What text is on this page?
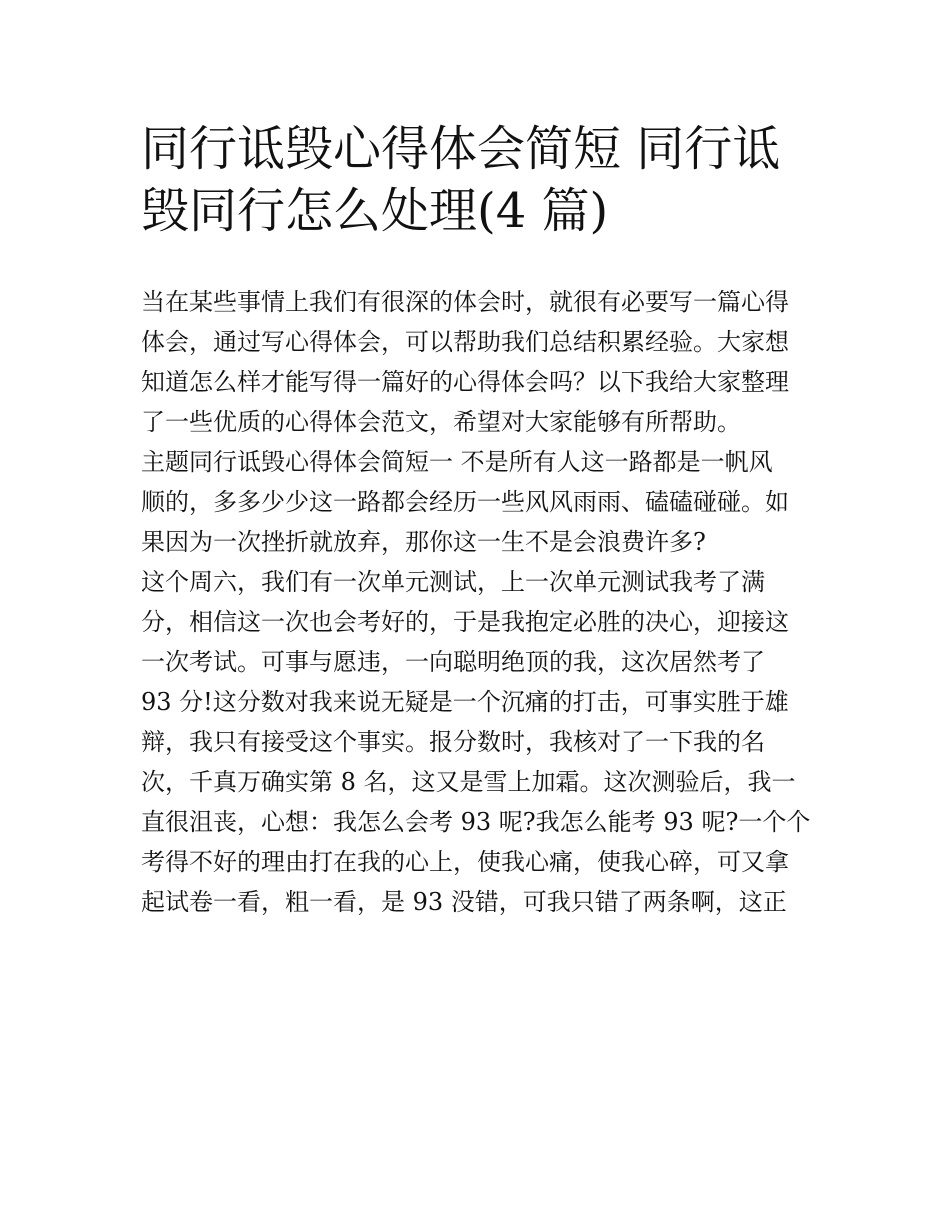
同行诋毁心得体会简短 同行诋
毁同行怎么处理(4 篇)
当在某些事情上我们有很深的体会时，就很有必要写一篇心得
体会，通过写心得体会，可以帮助我们总结积累经验。大家想
知道怎么样才能写得一篇好的心得体会吗？以下我给大家整理
了一些优质的心得体会范文，希望对大家能够有所帮助。
主题同行诋毁心得体会简短一 不是所有人这一路都是一帆风
顺的，多多少少这一路都会经历一些风风雨雨、磕磕碰碰。如
果因为一次挫折就放弃，那你这一生不是会浪费许多?
这个周六，我们有一次单元测试，上一次单元测试我考了满
分，相信这一次也会考好的，于是我抱定必胜的决心，迎接这
一次考试。可事与愿违，一向聪明绝顶的我，这次居然考了
93 分!这分数对我来说无疑是一个沉痛的打击，可事实胜于雄
辩，我只有接受这个事实。报分数时，我核对了一下我的名
次，千真万确实第 8 名，这又是雪上加霜。这次测验后，我一
直很沮丧，心想：我怎么会考 93 呢?我怎么能考 93 呢?一个个
考得不好的理由打在我的心上，使我心痛，使我心碎，可又拿
起试卷一看，粗一看，是 93 没错，可我只错了两条啊，这正
